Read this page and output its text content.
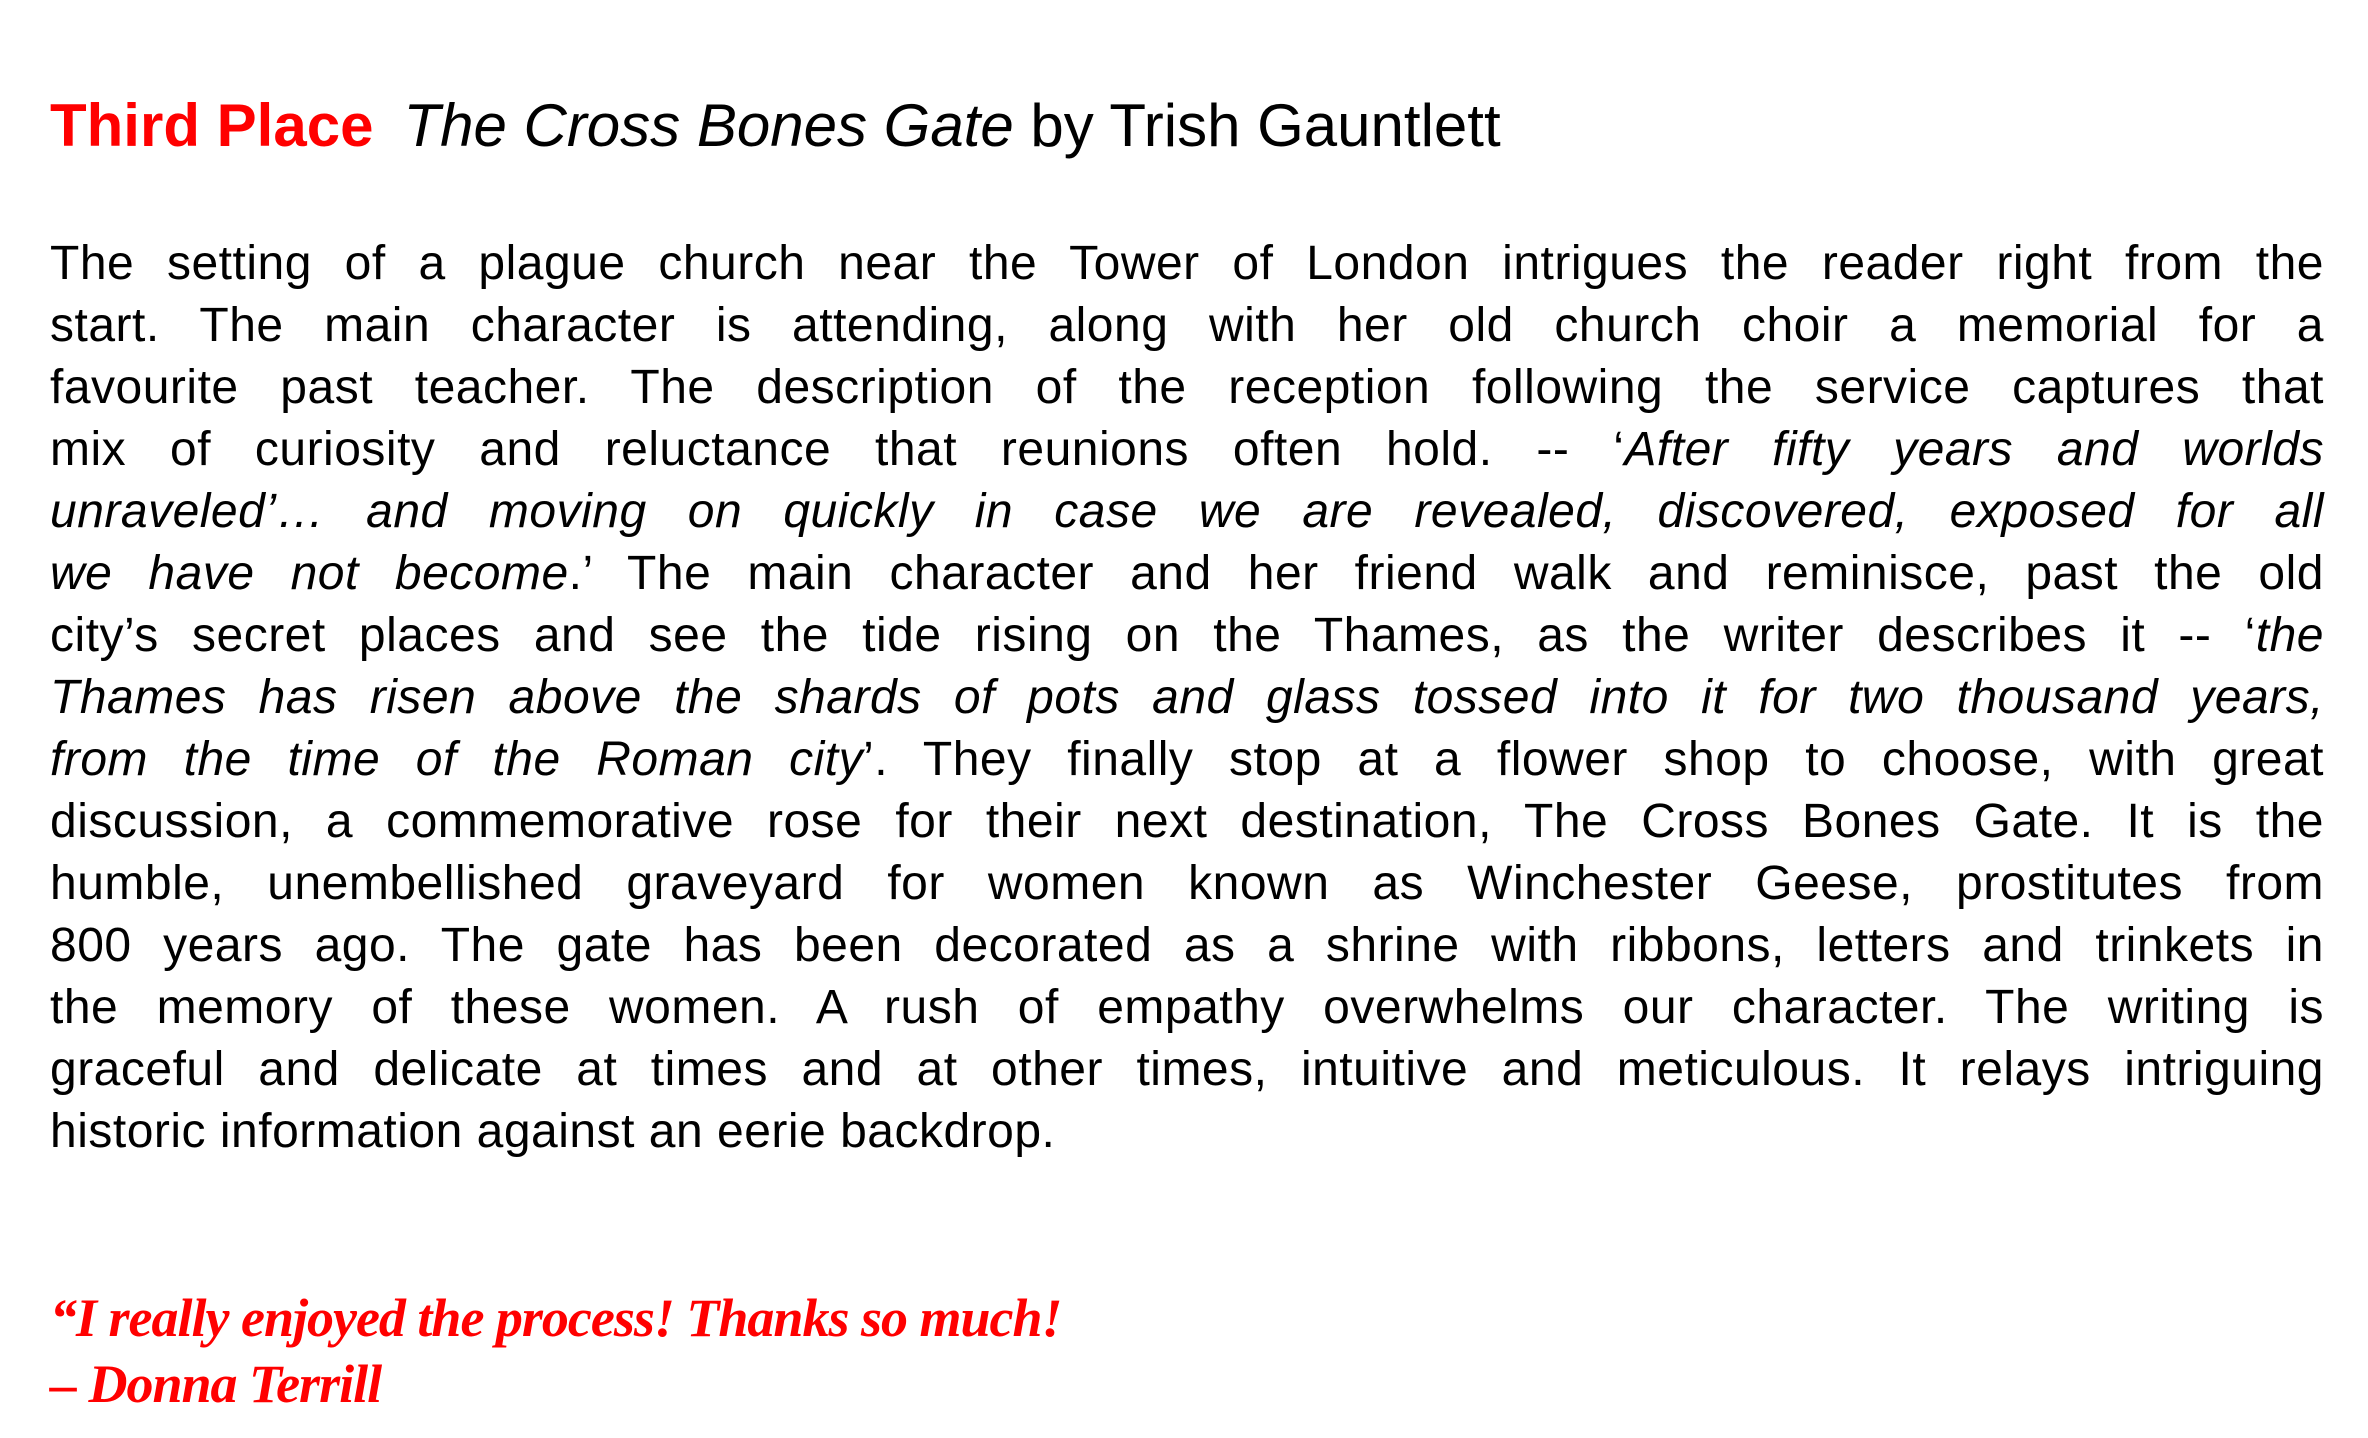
Third Place The Cross Bones Gate by Trish Gauntlett
The setting of a plague church near the Tower of London intrigues the reader right from the
start. The main character is attending, along with her old church choir a memorial for a
favourite past teacher. The description of the reception following the service captures that
mix of curiosity and reluctance that reunions often hold. -- ‘After fifty years and worlds
unraveled’… and moving on quickly in case we are revealed, discovered, exposed for all
we have not become.’ The main character and her friend walk and reminisce, past the old
city’s secret places and see the tide rising on the Thames, as the writer describes it -- ‘the
Thames has risen above the shards of pots and glass tossed into it for two thousand years,
from the time of the Roman city’. They finally stop at a flower shop to choose, with great
discussion, a commemorative rose for their next destination, The Cross Bones Gate. It is the
humble, unembellished graveyard for women known as Winchester Geese, prostitutes from
800 years ago. The gate has been decorated as a shrine with ribbons, letters and trinkets in
the memory of these women. A rush of empathy overwhelms our character. The writing is
graceful and delicate at times and at other times, intuitive and meticulous. It relays intriguing
historic information against an eerie backdrop.
“I really enjoyed the process! Thanks so much!
– Donna Terrill
